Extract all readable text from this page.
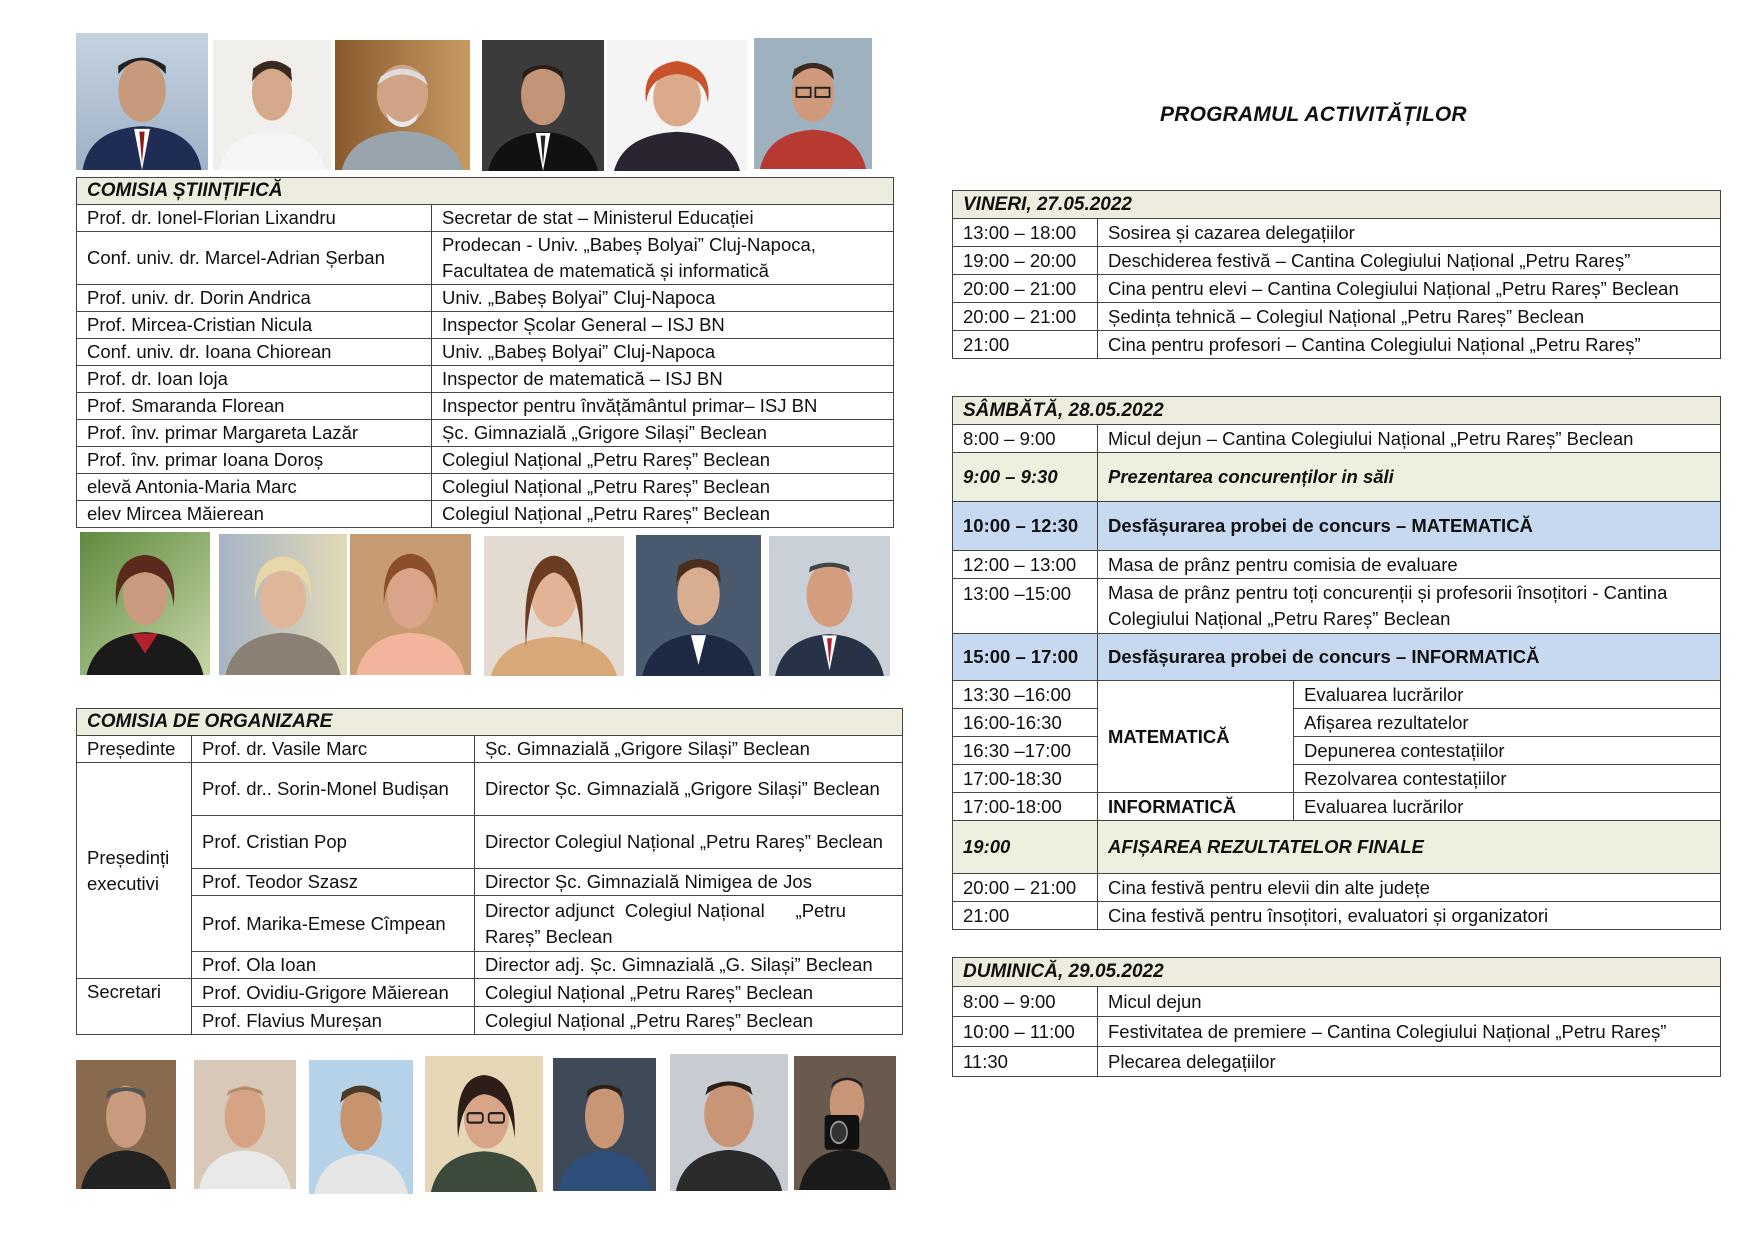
COMISIA ȘTIINȚIFICĂ	
Prof. dr. Ionel-Florian Lixandru	Secretar de stat – Ministerul Educației
Conf. univ. dr. Marcel-Adrian Șerban	Prodecan - Univ. „Babeș Bolyai” Cluj-Napoca, Facultatea de matematică și informatică
Prof. univ. dr. Dorin Andrica	Univ. „Babeș Bolyai” Cluj-Napoca
Prof. Mircea-Cristian Nicula	Inspector Școlar General – ISJ BN
Conf. univ. dr. Ioana Chiorean	Univ. „Babeș Bolyai” Cluj-Napoca
Prof. dr. Ioan Ioja	Inspector de matematică – ISJ BN
Prof. Smaranda Florean	Inspector pentru învățământul primar– ISJ BN
Prof. înv. primar Margareta Lazăr	Șc. Gimnazială „Grigore Silași” Beclean
Prof. înv. primar Ioana Doroș	Colegiul Național „Petru Rareș” Beclean
elevă Antonia-Maria Marc	Colegiul Național „Petru Rareș” Beclean
elev Mircea Măierean	Colegiul Național „Petru Rareș” Beclean
COMISIA DE ORGANIZARE		
Președinte	Prof. dr. Vasile Marc	Șc. Gimnazială „Grigore Silași” Beclean
Președinți executivi	Prof. dr.. Sorin-Monel Budișan	Director Șc. Gimnazială „Grigore Silași” Beclean
	Prof. Cristian Pop	Director Colegiul Național „Petru Rareș” Beclean
	Prof. Teodor Szasz	Director Șc. Gimnazială Nimigea de Jos
	Prof. Marika-Emese Cîmpean	Director adjunct  Colegiul Național      „Petru Rareș” Beclean
	Prof. Ola Ioan	Director adj. Șc. Gimnazială „G. Silași” Beclean
Secretari	Prof. Ovidiu-Grigore Măierean	Colegiul Național „Petru Rareș” Beclean
	Prof. Flavius Mureșan	Colegiul Național „Petru Rareș” Beclean
PROGRAMUL ACTIVITĂȚILOR
VINERI, 27.05.2022	
13:00 – 18:00	Sosirea și cazarea delegațiilor
19:00 – 20:00	Deschiderea festivă – Cantina Colegiului Național „Petru Rareș”
20:00 – 21:00	Cina pentru elevi – Cantina Colegiului Național „Petru Rareș” Beclean
20:00 – 21:00	Ședința tehnică – Colegiul Național „Petru Rareș” Beclean
21:00	Cina pentru profesori – Cantina Colegiului Național „Petru Rareș”
SÂMBĂTĂ, 28.05.2022		
8:00 – 9:00	Micul dejun – Cantina Colegiului Național „Petru Rareș” Beclean	
9:00 – 9:30	Prezentarea concurenților in săli	
10:00 – 12:30	Desfășurarea probei de concurs – MATEMATICĂ	
12:00 – 13:00	Masa de prânz pentru comisia de evaluare	
13:00 –15:00	Masa de prânz pentru toți concurenții și profesorii însoțitori - Cantina Colegiului Național „Petru Rareș” Beclean	
15:00 – 17:00	Desfășurarea probei de concurs – INFORMATICĂ	
13:30 –16:00	MATEMATICĂ	Evaluarea lucrărilor
16:00-16:30		Afișarea rezultatelor
16:30 –17:00		Depunerea contestațiilor
17:00-18:30		Rezolvarea contestațiilor
17:00-18:00	INFORMATICĂ	Evaluarea lucrărilor
19:00	AFIȘAREA REZULTATELOR FINALE	
20:00 – 21:00	Cina festivă pentru elevii din alte județe	
21:00	Cina festivă pentru însoțitori, evaluatori și organizatori	
DUMINICĂ, 29.05.2022	
8:00 – 9:00	Micul dejun
10:00 – 11:00	Festivitatea de premiere – Cantina Colegiului Național „Petru Rareș”
11:30	Plecarea delegațiilor
